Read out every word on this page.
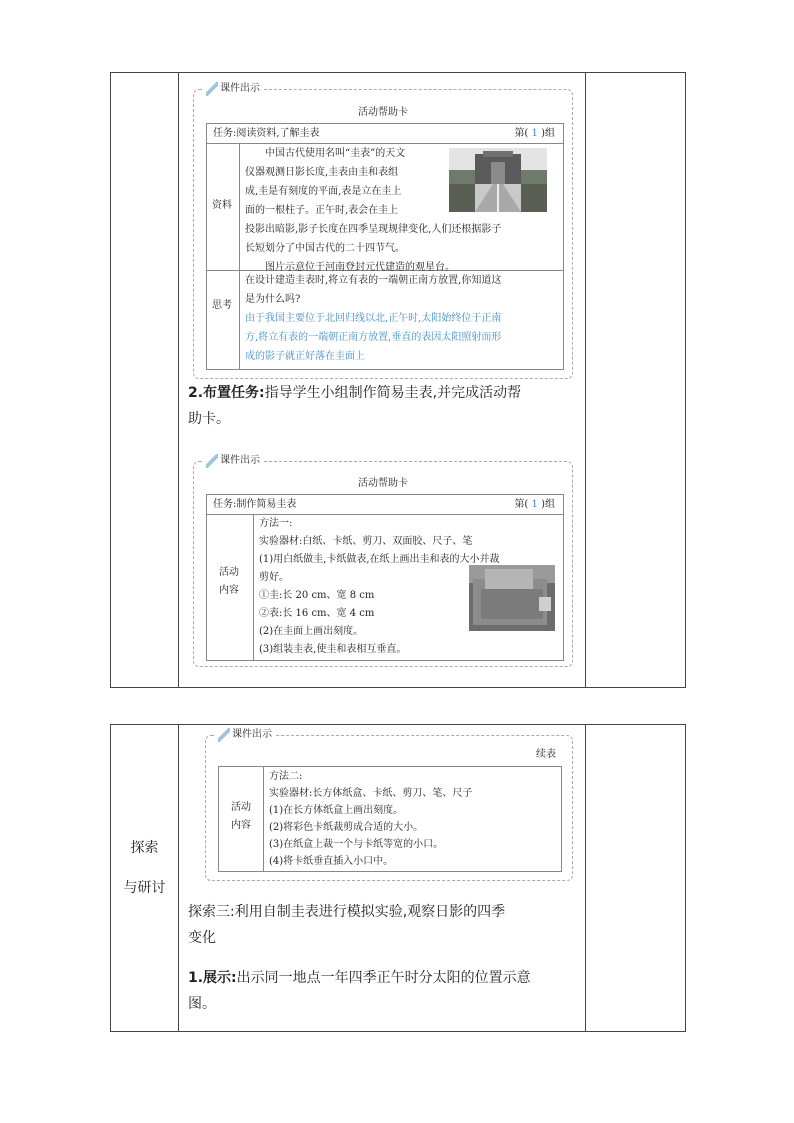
课件出示
活动帮助卡
任务:阅读资料,了解圭表	第( 1 )组
资料
中国古代使用名叫“圭表”的天文
仪器观测日影长度,圭表由圭和表组
成,圭是有刻度的平面,表是立在圭上
面的一根柱子。正午时,表会在圭上
投影出暗影,影子长度在四季呈现规律变化,人们还根据影子
长短划分了中国古代的二十四节气。
图片示意位于河南登封元代建造的观星台。
思考
在设计建造圭表时,将立有表的一端朝正南方放置,你知道这
是为什么吗?
由于我国主要位于北回归线以北,正午时,太阳始终位于正南
方,将立有表的一端朝正南方放置,垂直的表因太阳照射而形
成的影子就正好落在圭面上
2.布置任务:指导学生小组制作简易圭表,并完成活动帮
助卡。
课件出示
活动帮助卡
任务:制作简易圭表	第( 1 )组
活动
内容
方法一:
实验器材:白纸、卡纸、剪刀、双面胶、尺子、笔
(1)用白纸做圭,卡纸做表,在纸上画出圭和表的大小并裁
剪好。
①圭:长 20 cm、宽 8 cm
②表:长 16 cm、宽 4 cm
(2)在圭面上画出刻度。
(3)组装圭表,使圭和表相互垂直。
探索
与研讨
课件出示
续表
活动
内容
方法二:
实验器材:长方体纸盒、卡纸、剪刀、笔、尺子
(1)在长方体纸盒上画出刻度。
(2)将彩色卡纸裁剪成合适的大小。
(3)在纸盒上裁一个与卡纸等宽的小口。
(4)将卡纸垂直插入小口中。
探索三:利用自制圭表进行模拟实验,观察日影的四季
变化
1.展示:出示同一地点一年四季正午时分太阳的位置示意
图。
